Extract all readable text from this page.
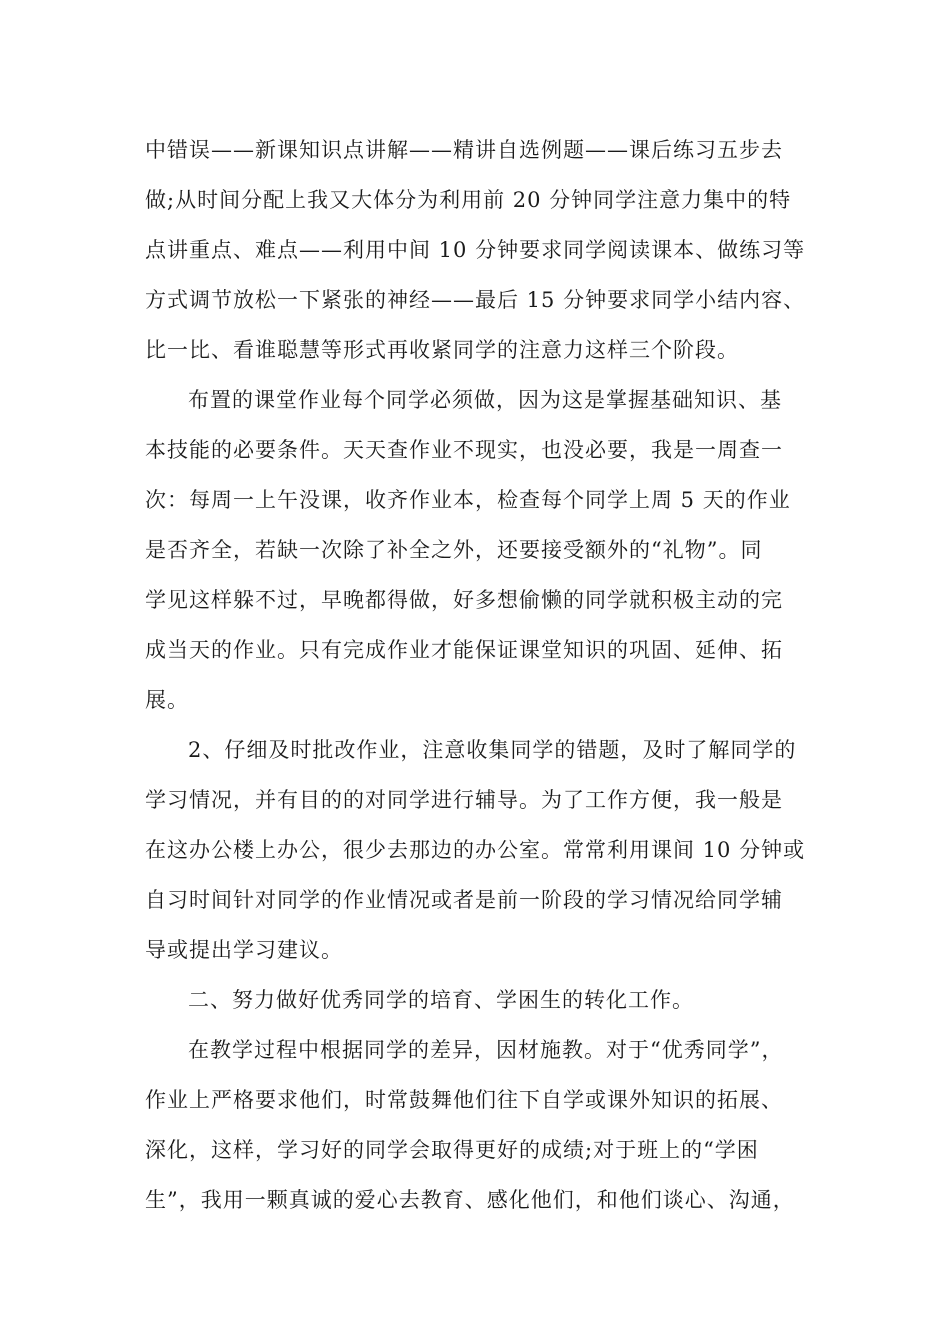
中错误——新课知识点讲解——精讲自选例题——课后练习五步去
做;从时间分配上我又大体分为利用前 20 分钟同学注意力集中的特
点讲重点、难点——利用中间 10 分钟要求同学阅读课本、做练习等
方式调节放松一下紧张的神经——最后 15 分钟要求同学小结内容、
比一比、看谁聪慧等形式再收紧同学的注意力这样三个阶段。
布置的课堂作业每个同学必须做，因为这是掌握基础知识、基
本技能的必要条件。天天查作业不现实，也没必要，我是一周查一
次：每周一上午没课，收齐作业本，检查每个同学上周 5 天的作业
是否齐全，若缺一次除了补全之外，还要接受额外的“礼物”。同
学见这样躲不过，早晚都得做，好多想偷懒的同学就积极主动的完
成当天的作业。只有完成作业才能保证课堂知识的巩固、延伸、拓
展。
2、仔细及时批改作业，注意收集同学的错题，及时了解同学的
学习情况，并有目的的对同学进行辅导。为了工作方便，我一般是
在这办公楼上办公，很少去那边的办公室。常常利用课间 10 分钟或
自习时间针对同学的作业情况或者是前一阶段的学习情况给同学辅
导或提出学习建议。
二、努力做好优秀同学的培育、学困生的转化工作。
在教学过程中根据同学的差异，因材施教。对于“优秀同学”，
作业上严格要求他们，时常鼓舞他们往下自学或课外知识的拓展、
深化，这样，学习好的同学会取得更好的成绩;对于班上的“学困
生”，我用一颗真诚的爱心去教育、感化他们，和他们谈心、沟通，
